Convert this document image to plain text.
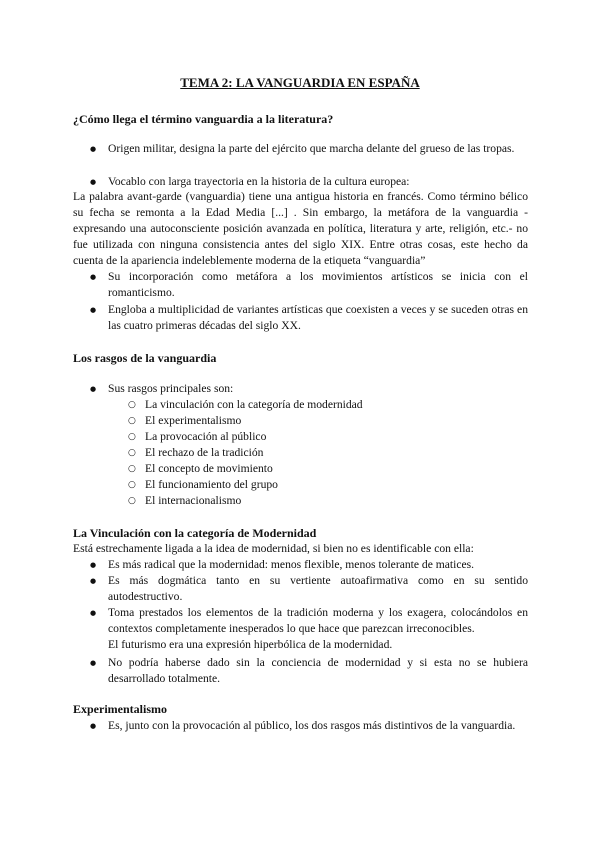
TEMA 2: LA VANGUARDIA EN ESPAÑA
¿Cómo llega el término vanguardia a la literatura?
● Origen militar, designa la parte del ejército que marcha delante del grueso de las tropas.
● Vocablo con larga trayectoria en la historia de la cultura europea:
La palabra avant-garde (vanguardia) tiene una antigua historia en francés. Como término bélico su fecha se remonta a la Edad Media [...] . Sin embargo, la metáfora de la vanguardia - expresando una autoconsciente posición avanzada en política, literatura y arte, religión, etc.- no fue utilizada con ninguna consistencia antes del siglo XIX. Entre otras cosas, este hecho da cuenta de la apariencia indeleblemente moderna de la etiqueta “vanguardia”
● Su incorporación como metáfora a los movimientos artísticos se inicia con el romanticismo.
● Engloba a multiplicidad de variantes artísticas que coexisten a veces y se suceden otras en las cuatro primeras décadas del siglo XX.
Los rasgos de la vanguardia
● Sus rasgos principales son:
○ La vinculación con la categoría de modernidad
○ El experimentalismo
○ La provocación al público
○ El rechazo de la tradición
○ El concepto de movimiento
○ El funcionamiento del grupo
○ El internacionalismo
La Vinculación con la categoría de Modernidad
Está estrechamente ligada a la idea de modernidad, si bien no es identificable con ella:
● Es más radical que la modernidad: menos flexible, menos tolerante de matices.
● Es más dogmática tanto en su vertiente autoafirmativa como en su sentido autodestructivo.
● Toma prestados los elementos de la tradición moderna y los exagera, colocándolos en contextos completamente inesperados lo que hace que parezcan irreconocibles.
El futurismo era una expresión hiperbólica de la modernidad.
● No podría haberse dado sin la conciencia de modernidad y si esta no se hubiera desarrollado totalmente.
Experimentalismo
● Es, junto con la provocación al público, los dos rasgos más distintivos de la vanguardia.
